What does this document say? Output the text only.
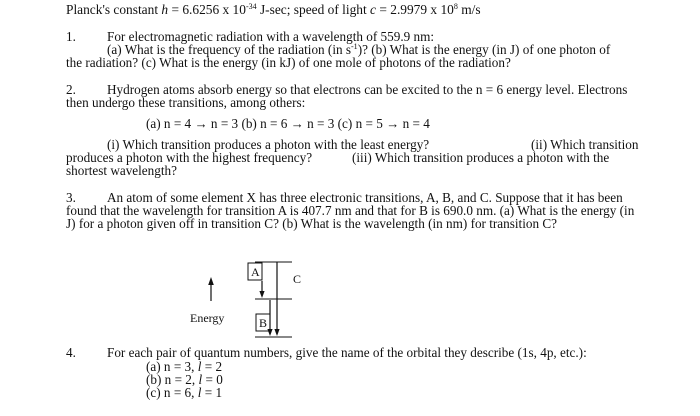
Planck's constant h = 6.6256 x $10^{-34}$ J-sec; speed of light c = 2.9979 x $10^8$ m/s
1. For electromagnetic radiation with a wavelength of 559.9 nm:
(a) What is the frequency of the radiation (in $s^{-1}$)? (b) What is the energy (in J) of one photon of
the radiation? (c) What is the energy (in kJ) of one mole of photons of the radiation?
2. Hydrogen atoms absorb energy so that electrons can be excited to the n = 6 energy level. Electrons
then undergo these transitions, among others:
(a) n = 4 → n = 3 (b) n = 6 → n = 3 (c) n = 5 → n = 4
(i) Which transition produces a photon with the least energy?	(ii) Which transition
produces a photon with the highest frequency?	(iii) Which transition produces a photon with the
shortest wavelength?
3. An atom of some element X has three electronic transitions, A, B, and C. Suppose that it has been
found that the wavelength for transition A is 407.7 nm and that for B is 690.0 nm. (a) What is the energy (in
J) for a photon given off in transition C? (b) What is the wavelength (in nm) for transition C?
Energy
A	C
B
4. For each pair of quantum numbers, give the name of the orbital they describe (1s, 4p, etc.):
(a) n = 3, l = 2
(b) n = 2, l = 0
(c) n = 6, l = 1
